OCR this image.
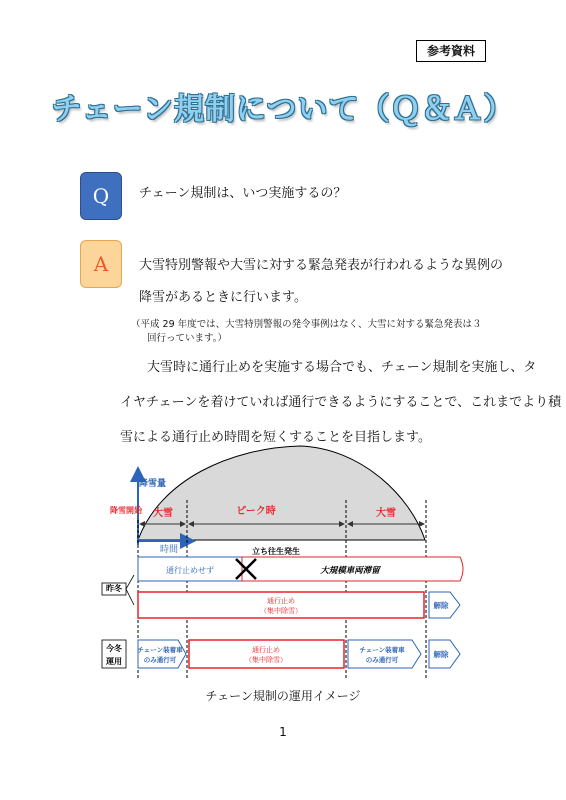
参考資料
チェーン規制について（Ｑ＆Ａ）
Q	チェーン規制は、いつ実施するの？
A	大雪特別警報や大雪に対する緊急発表が行われるような異例の
降雪があるときに行います。
（平成 29 年度では、大雪特別警報の発令事例はなく、大雪に対する緊急発表は３
回行っています。）
大雪時に通行止めを実施する場合でも、チェーン規制を実施し、タ
イヤチェーンを着けていれば通行できるようにすることで、これまでより積
雪による通行止め時間を短くすることを目指します。
降雪量
時間
降雪開始 大雪	ピーク時	大雪
昨冬
立ち往生発生
通行止めせず	大規模車両滞留
通行止め
（集中除雪）
解除
今冬
運用
チェーン装着車
のみ通行可
通行止め
（集中除雪）
チェーン装着車
のみ通行可
解除
チェーン規制の運用イメージ
1
